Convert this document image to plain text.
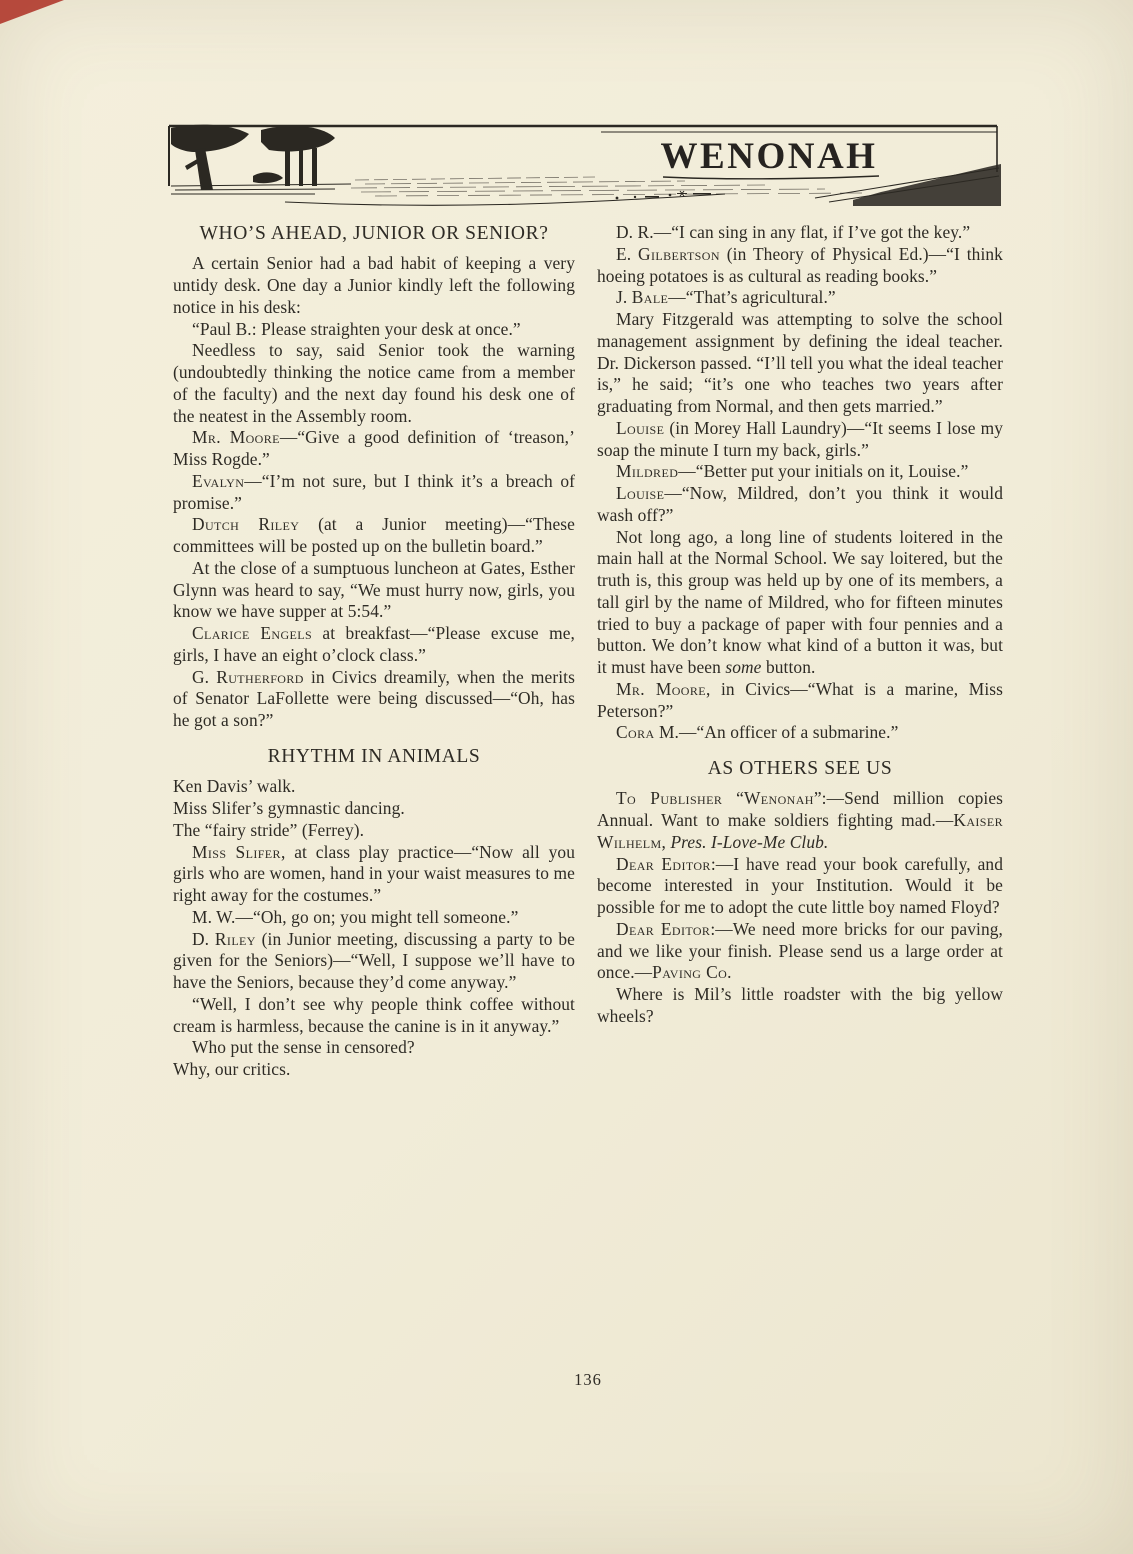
WENONAH
WHO’S AHEAD, JUNIOR OR SENIOR?

A certain Senior had a bad habit of keeping a very untidy desk. One day a Junior kindly left the following notice in his desk:

“Paul B.: Please straighten your desk at once.”

Needless to say, said Senior took the warning (undoubtedly thinking the notice came from a member of the faculty) and the next day found his desk one of the neatest in the Assembly room.

Mr. Moore—“Give a good definition of ‘treason,’ Miss Rogde.”

Evalyn—“I’m not sure, but I think it’s a breach of promise.”

Dutch Riley (at a Junior meeting)—“These committees will be posted up on the bulletin board.”

At the close of a sumptuous luncheon at Gates, Esther Glynn was heard to say, “We must hurry now, girls, you know we have supper at 5:54.”

Clarice Engels at breakfast—“Please excuse me, girls, I have an eight o’clock class.”

G. Rutherford in Civics dreamily, when the merits of Senator LaFollette were being discussed—“Oh, has he got a son?”

RHYTHM IN ANIMALS

Ken Davis’ walk.

Miss Slifer’s gymnastic dancing.

The “fairy stride” (Ferrey).

Miss Slifer, at class play practice—“Now all you girls who are women, hand in your waist measures to me right away for the costumes.”

M. W.—“Oh, go on; you might tell someone.”

D. Riley (in Junior meeting, discussing a party to be given for the Seniors)—“Well, I suppose we’ll have to have the Seniors, because they’d come anyway.”

“Well, I don’t see why people think coffee without cream is harmless, because the canine is in it anyway.”

Who put the sense in censored?
Why, our critics.

D. R.—“I can sing in any flat, if I’ve got the key.”

E. Gilbertson (in Theory of Physical Ed.)—“I think hoeing potatoes is as cultural as reading books.”

J. Bale—“That’s agricultural.”

Mary Fitzgerald was attempting to solve the school management assignment by defining the ideal teacher. Dr. Dickerson passed. “I’ll tell you what the ideal teacher is,” he said; “it’s one who teaches two years after graduating from Normal, and then gets married.”

Louise (in Morey Hall Laundry)—“It seems I lose my soap the minute I turn my back, girls.”

Mildred—“Better put your initials on it, Louise.”

Louise—“Now, Mildred, don’t you think it would wash off?”

Not long ago, a long line of students loitered in the main hall at the Normal School. We say loitered, but the truth is, this group was held up by one of its members, a tall girl by the name of Mildred, who for fifteen minutes tried to buy a package of paper with four pennies and a button. We don’t know what kind of a button it was, but it must have been some button.

Mr. Moore, in Civics—“What is a marine, Miss Peterson?”

Cora M.—“An officer of a submarine.”

AS OTHERS SEE US

To Publisher “Wenonah”:—Send million copies Annual. Want to make soldiers fighting mad.—Kaiser Wilhelm, Pres. I-Love-Me Club.

Dear Editor:—I have read your book carefully, and become interested in your Institution. Would it be possible for me to adopt the cute little boy named Floyd?

Dear Editor:—We need more bricks for our paving, and we like your finish. Please send us a large order at once.—Paving Co.

Where is Mil’s little roadster with the big yellow wheels?

136
